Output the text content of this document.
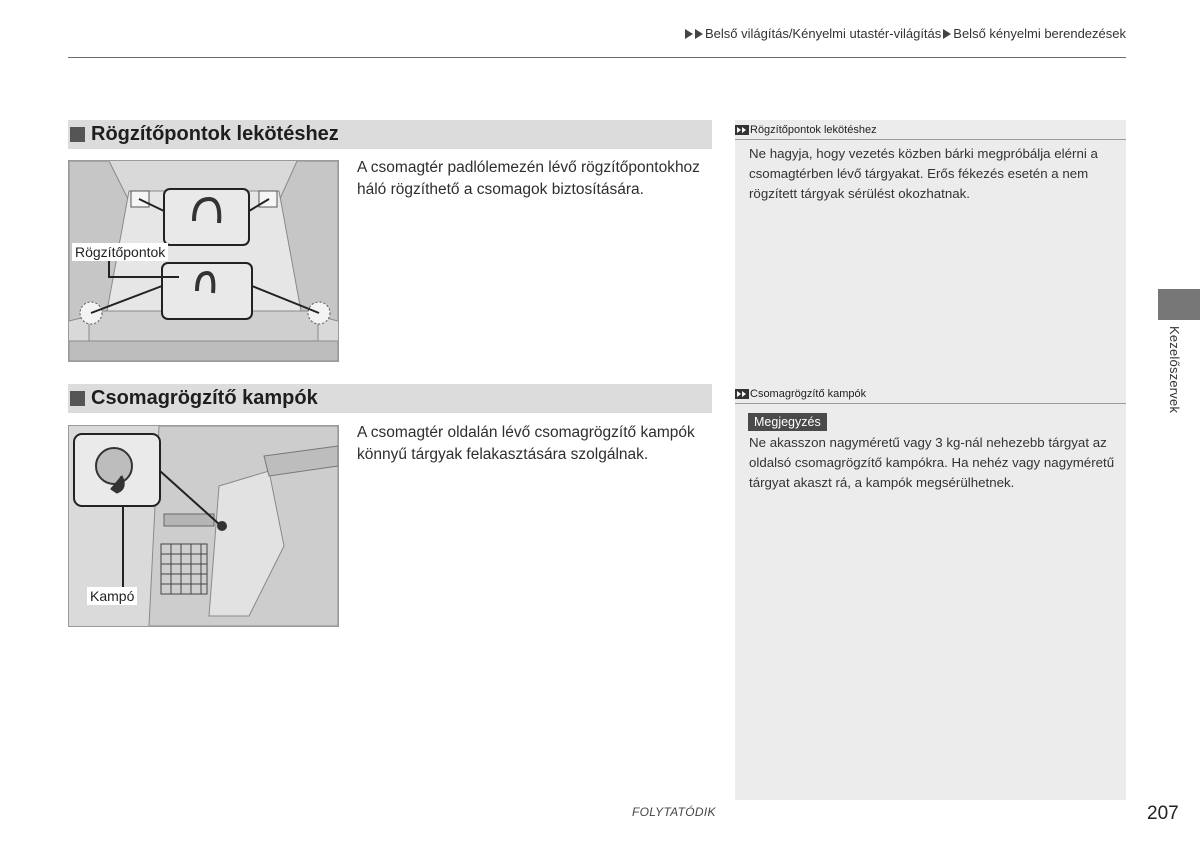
Belső világítás/Kényelmi utastér-világítás Belső kényelmi berendezések
Rögzítőpontok lekötéshez
Ne hagyja, hogy vezetés közben bárki megpróbálja elérni a csomagtérben lévő tárgyakat. Erős fékezés esetén a nem rögzített tárgyak sérülést okozhatnak.
Csomagrögzítő kampók
Megjegyzés
Ne akasszon nagyméretű vagy 3 kg-nál nehezebb tárgyat az oldalsó csomagrögzítő kampókra. Ha nehéz vagy nagyméretű tárgyat akaszt rá, a kampók megsérülhetnek.
Rögzítőpontok lekötéshez
A csomagtér padlólemezén lévő rögzítőpontokhoz háló rögzíthető a csomagok biztosítására.
Rögzítőpontok
Csomagrögzítő kampók
A csomagtér oldalán lévő csomagrögzítő kampók könnyű tárgyak felakasztására szolgálnak.
Kampó
Kezelőszervek
FOLYTATÓDIK	207
